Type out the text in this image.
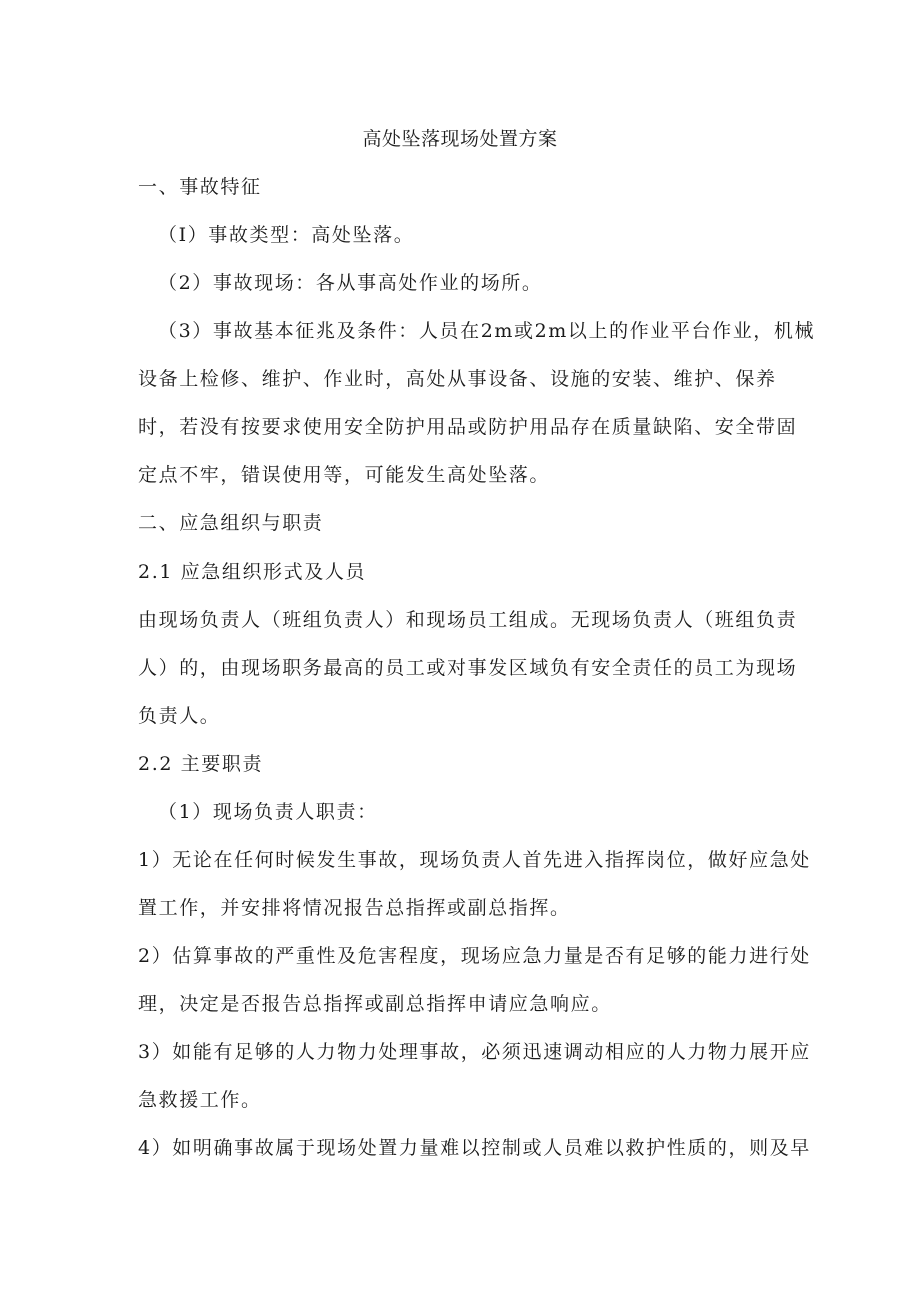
高处坠落现场处置方案
一、事故特征
（I）事故类型：高处坠落。
（2）事故现场：各从事高处作业的场所。
（3）事故基本征兆及条件：人员在2m或2m以上的作业平台作业，机械
设备上检修、维护、作业时，高处从事设备、设施的安装、维护、保养
时，若没有按要求使用安全防护用品或防护用品存在质量缺陷、安全带固
定点不牢，错误使用等，可能发生高处坠落。
二、应急组织与职责
2.1 应急组织形式及人员
由现场负责人（班组负责人）和现场员工组成。无现场负责人（班组负责
人）的，由现场职务最高的员工或对事发区域负有安全责任的员工为现场
负责人。
2.2 主要职责
（1）现场负责人职责：
1）无论在任何时候发生事故，现场负责人首先进入指挥岗位，做好应急处
置工作，并安排将情况报告总指挥或副总指挥。
2）估算事故的严重性及危害程度，现场应急力量是否有足够的能力进行处
理，决定是否报告总指挥或副总指挥申请应急响应。
3）如能有足够的人力物力处理事故，必须迅速调动相应的人力物力展开应
急救援工作。
4）如明确事故属于现场处置力量难以控制或人员难以救护性质的，则及早
